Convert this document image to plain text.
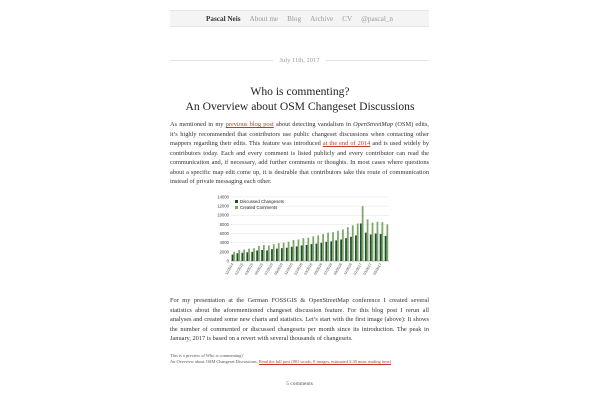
Pascal Neis About me Blog Archive CV @pascal_n
July 11th, 2017
Who is commenting?
An Overview about OSM Changeset Discussions

As mentioned in my previous blog post about detecting vandalism in OpenStreetMap (OSM) edits, it’s highly recommended that contributors use public changeset discussions when contacting other mappers regarding their edits. This feature was introduced at the end of 2014 and is used widely by contributors today. Each and every comment is listed publicly and every contributor can read the communication and, if necessary, add further comments or thoughts. In most cases where questions about a specific map edit come up, it is desirable that contributors take this route of communication instead of private messaging each other.

0
2000
4000
6000
8000
10000
12000
14000
11/2014 01/2015 03/2015 05/2015 07/2015 09/2015 11/2015 01/2016 03/2016 05/2016 07/2016 09/2016 11/2016 01/2017 03/2017 05/2017
Discussed Changesets
Created Comments

For my presentation at the German FOSSGIS & OpenStreetMap conference I created several statistics about the aforementioned changeset discussion feature. For this blog post I rerun all analyses and created some new charts and statistics. Let’s start with the first image (above): It shows the number of commented or discussed changesets per month since its introduction. The peak in January, 2017 is based on a revert with several thousands of changesets.

This is a preview of Who is commenting?
An Overview about OSM Changeset Discussions. Read the full post (881 words, 8 images, estimated 3:30 mins reading time)
5 comments
